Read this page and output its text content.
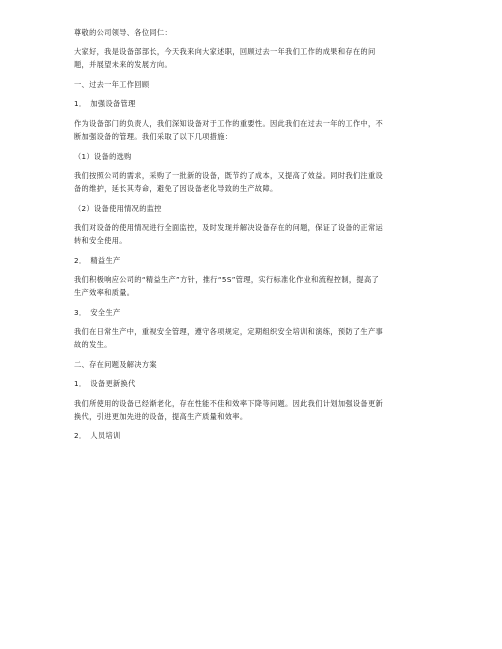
尊敬的公司领导、各位同仁：

大家好，我是设备部部长，今天我来向大家述职，回顾过去一年我们工作的成果和存在的问

题，并展望未来的发展方向。

一、过去一年工作回顾

1．　加强设备管理

作为设备部门的负责人，我们深知设备对于工作的重要性。因此我们在过去一年的工作中，不

断加强设备的管理。我们采取了以下几项措施：

（1）设备的选购

我们按照公司的需求，采购了一批新的设备，既节约了成本，又提高了效益。同时我们注重设

备的维护，延长其寿命，避免了因设备老化导致的生产故障。

（2）设备使用情况的监控

我们对设备的使用情况进行全面监控，及时发现并解决设备存在的问题，保证了设备的正常运

转和安全使用。

2．　精益生产

我们积极响应公司的“精益生产”方针，推行“5S”管理，实行标准化作业和流程控制，提高了

生产效率和质量。

3．　安全生产

我们在日常生产中，重视安全管理，遵守各项规定，定期组织安全培训和演练，预防了生产事

故的发生。

二、存在问题及解决方案

1．　设备更新换代

我们所使用的设备已经渐老化，存在性能不佳和效率下降等问题。因此我们计划加强设备更新

换代，引进更加先进的设备，提高生产质量和效率。

2．　人员培训
